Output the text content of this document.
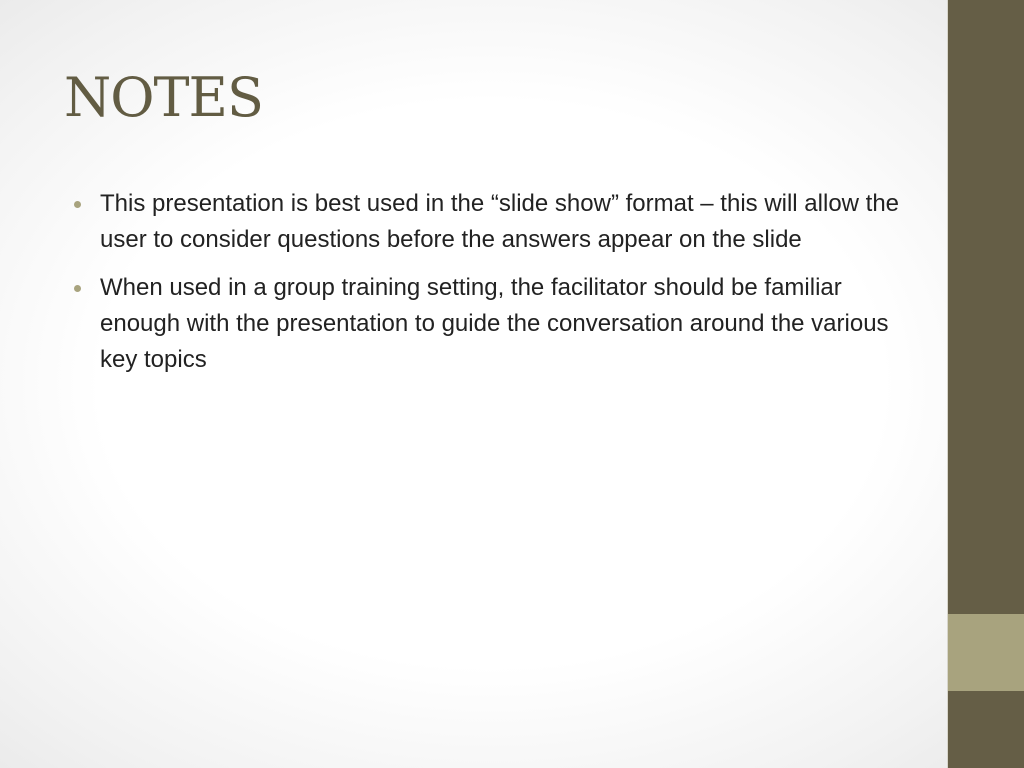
NOTES
This presentation is best used in the “slide show” format – this will allow the user to consider questions before the answers appear on the slide
When used in a group training setting, the facilitator should be familiar enough with the presentation to guide the conversation around the various key topics
